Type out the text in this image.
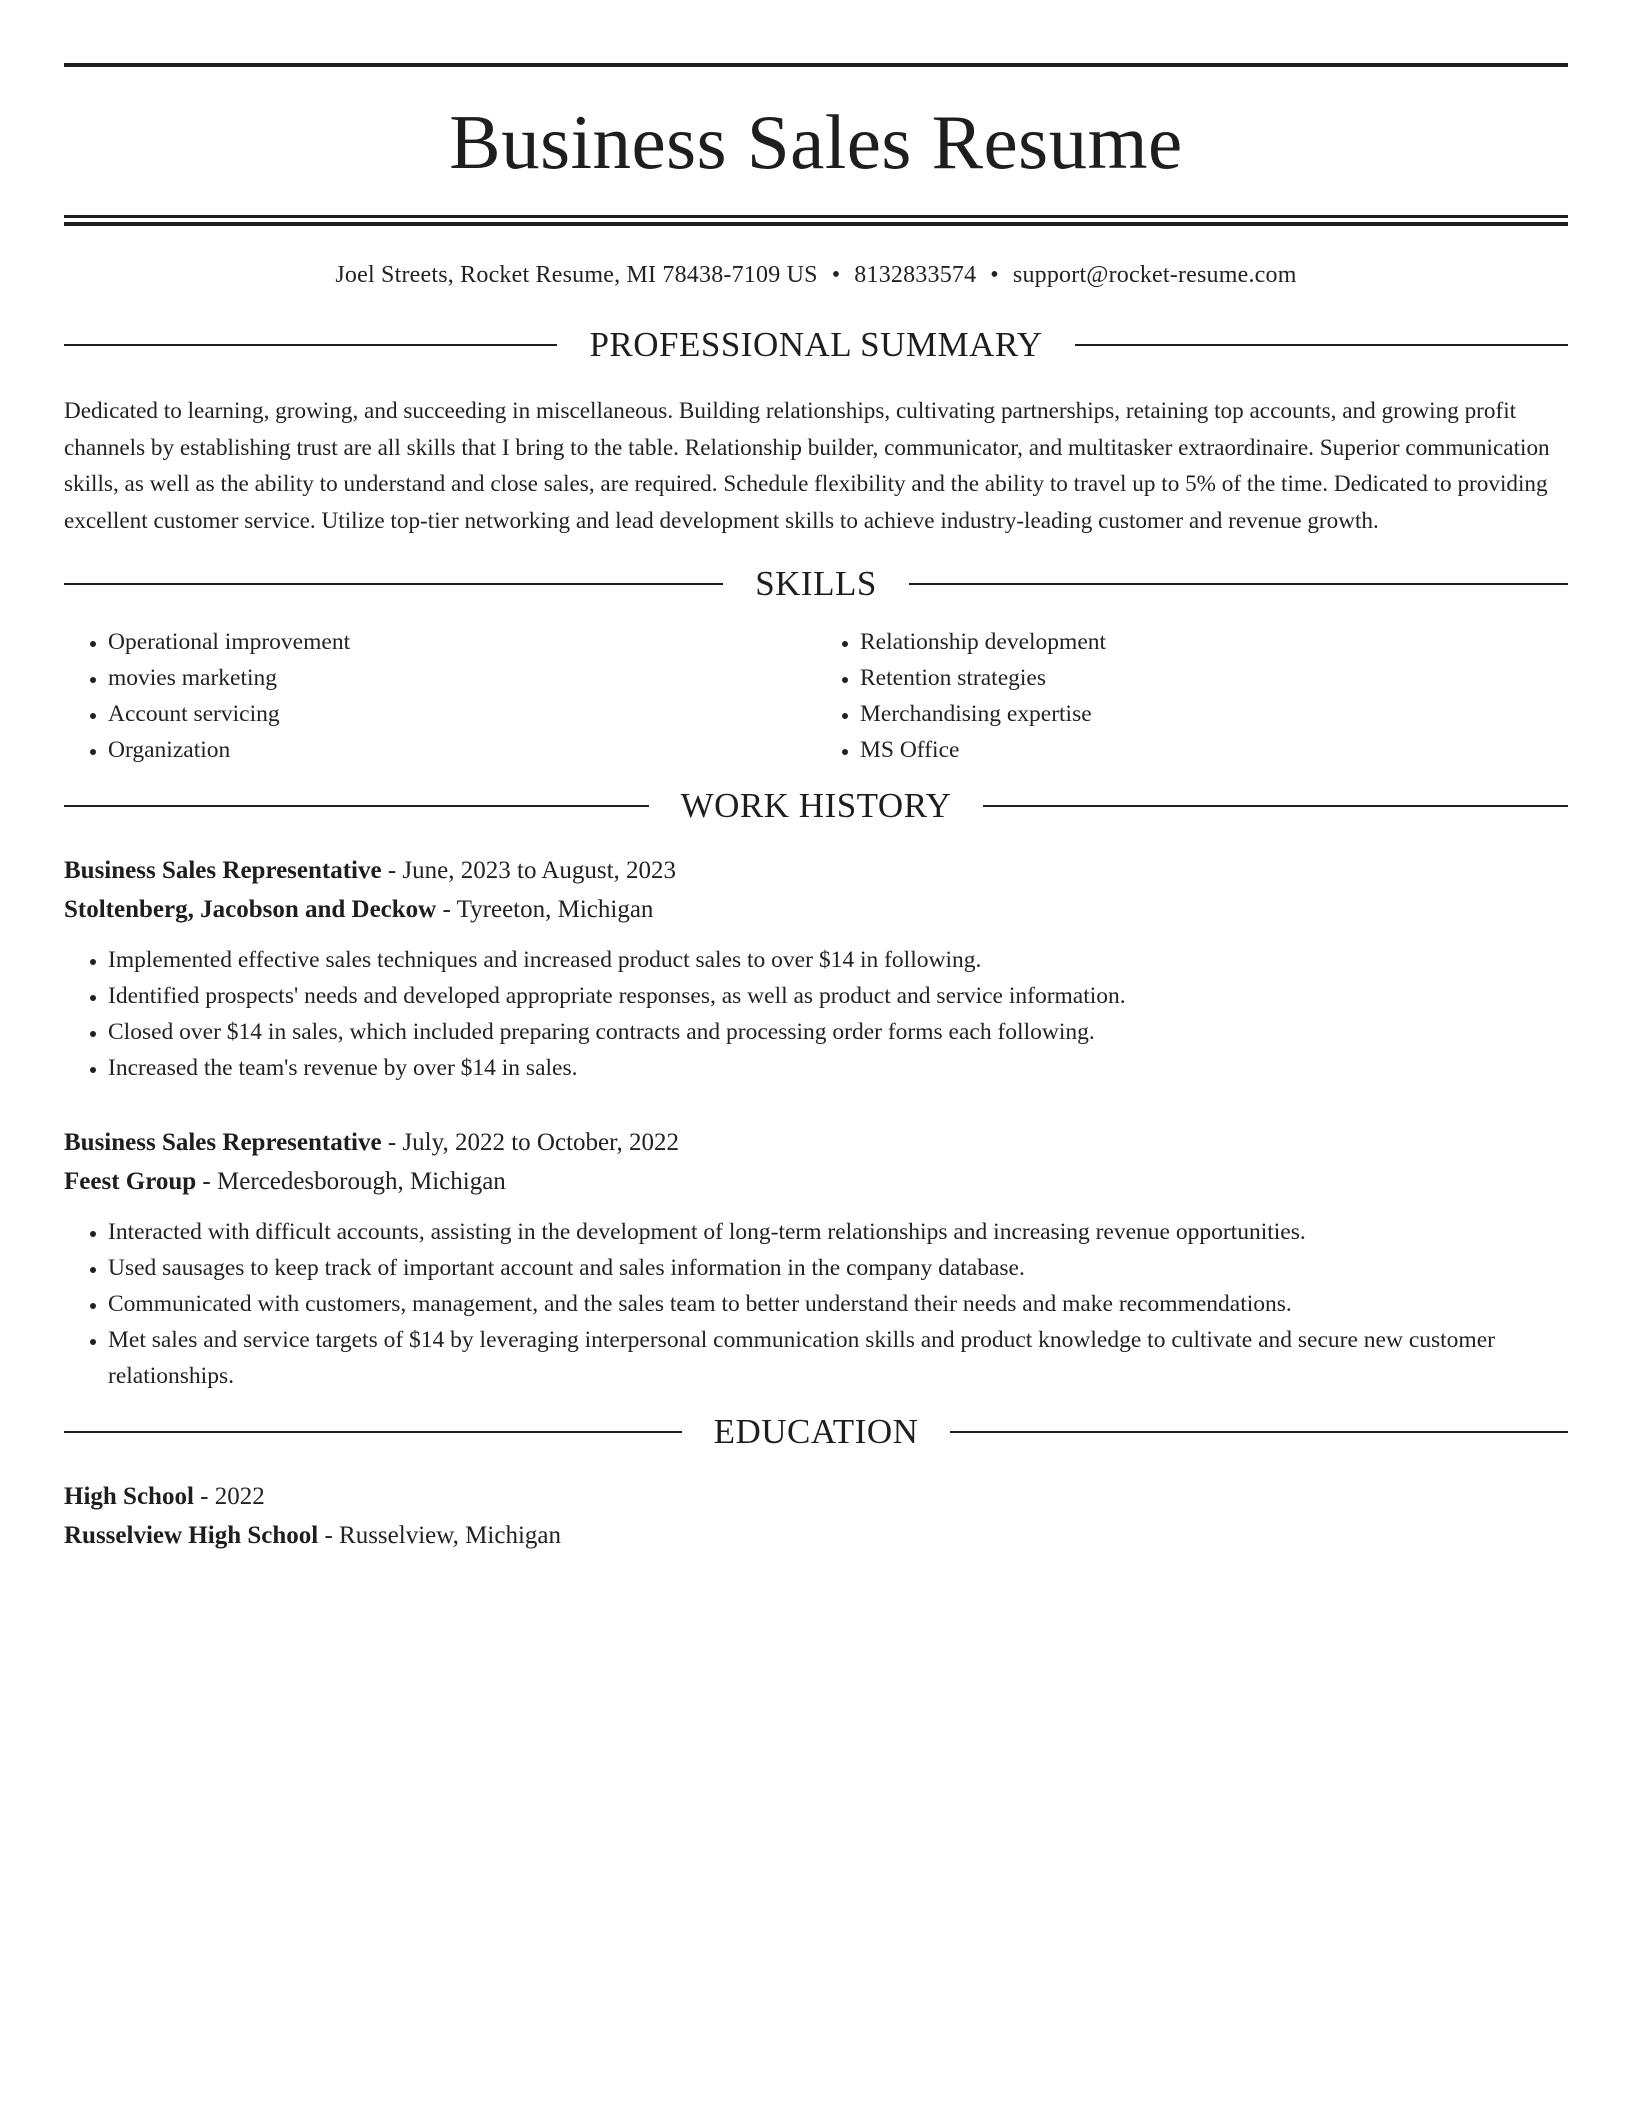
Business Sales Resume
Joel Streets, Rocket Resume, MI 78438-7109 US • 8132833574 • support@rocket-resume.com
PROFESSIONAL SUMMARY
Dedicated to learning, growing, and succeeding in miscellaneous. Building relationships, cultivating partnerships, retaining top accounts, and growing profit channels by establishing trust are all skills that I bring to the table. Relationship builder, communicator, and multitasker extraordinaire. Superior communication skills, as well as the ability to understand and close sales, are required. Schedule flexibility and the ability to travel up to 5% of the time. Dedicated to providing excellent customer service. Utilize top-tier networking and lead development skills to achieve industry-leading customer and revenue growth.
SKILLS
• Operational improvement
• movies marketing
• Account servicing
• Organization
• Relationship development
• Retention strategies
• Merchandising expertise
• MS Office
WORK HISTORY
Business Sales Representative - June, 2023 to August, 2023
Stoltenberg, Jacobson and Deckow - Tyreeton, Michigan
• Implemented effective sales techniques and increased product sales to over $14 in following.
• Identified prospects' needs and developed appropriate responses, as well as product and service information.
• Closed over $14 in sales, which included preparing contracts and processing order forms each following.
• Increased the team's revenue by over $14 in sales.
Business Sales Representative - July, 2022 to October, 2022
Feest Group - Mercedesborough, Michigan
• Interacted with difficult accounts, assisting in the development of long-term relationships and increasing revenue opportunities.
• Used sausages to keep track of important account and sales information in the company database.
• Communicated with customers, management, and the sales team to better understand their needs and make recommendations.
• Met sales and service targets of $14 by leveraging interpersonal communication skills and product knowledge to cultivate and secure new customer relationships.
EDUCATION
High School - 2022
Russelview High School - Russelview, Michigan
